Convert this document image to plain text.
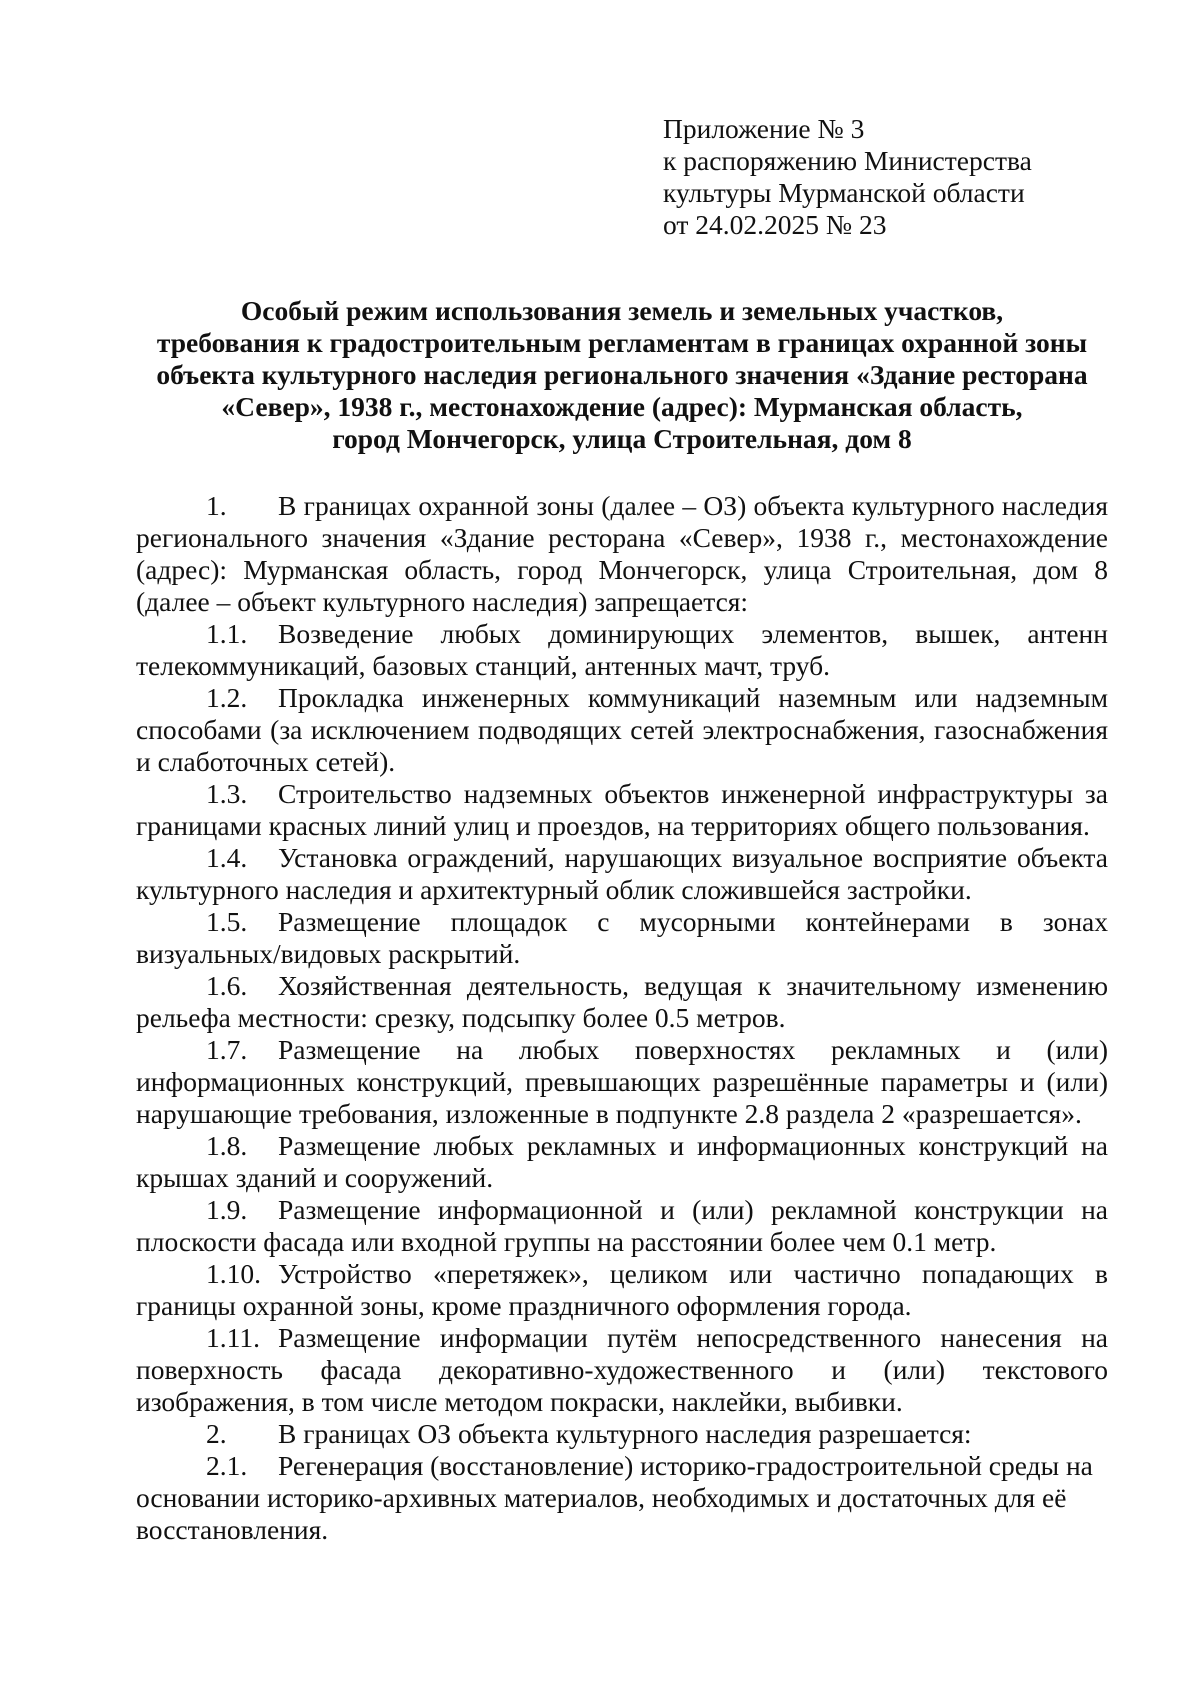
Приложение № 3
к распоряжению Министерства
культуры Мурманской области
от 24.02.2025 № 23
Особый режим использования земель и земельных участков,
требования к градостроительным регламентам в границах охранной зоны
объекта культурного наследия регионального значения «Здание ресторана
«Север», 1938 г., местонахождение (адрес): Мурманская область,
город Мончегорск, улица Строительная, дом 8

1. В границах охранной зоны (далее – ОЗ) объекта культурного наследия регионального значения «Здание ресторана «Север», 1938 г., местонахождение (адрес): Мурманская область, город Мончегорск, улица Строительная, дом 8 (далее – объект культурного наследия) запрещается:

1.1. Возведение любых доминирующих элементов, вышек, антенн телекоммуникаций, базовых станций, антенных мачт, труб.

1.2. Прокладка инженерных коммуникаций наземным или надземным способами (за исключением подводящих сетей электроснабжения, газоснабжения и слаботочных сетей).

1.3. Строительство надземных объектов инженерной инфраструктуры за границами красных линий улиц и проездов, на территориях общего пользования.

1.4. Установка ограждений, нарушающих визуальное восприятие объекта культурного наследия и архитектурный облик сложившейся застройки.

1.5. Размещение площадок с мусорными контейнерами в зонах визуальных/видовых раскрытий.

1.6. Хозяйственная деятельность, ведущая к значительному изменению рельефа местности: срезку, подсыпку более 0.5 метров.

1.7. Размещение на любых поверхностях рекламных и (или) информационных конструкций, превышающих разрешённые параметры и (или) нарушающие требования, изложенные в подпункте 2.8 раздела 2 «разрешается».

1.8. Размещение любых рекламных и информационных конструкций на крышах зданий и сооружений.

1.9. Размещение информационной и (или) рекламной конструкции на плоскости фасада или входной группы на расстоянии более чем 0.1 метр.

1.10. Устройство «перетяжек», целиком или частично попадающих в границы охранной зоны, кроме праздничного оформления города.

1.11. Размещение информации путём непосредственного нанесения на поверхность фасада декоративно-художественного и (или) текстового изображения, в том числе методом покраски, наклейки, выбивки.

2. В границах ОЗ объекта культурного наследия разрешается:

2.1. Регенерация (восстановление) историко-градостроительной среды на основании историко-архивных материалов, необходимых и достаточных для её восстановления.
